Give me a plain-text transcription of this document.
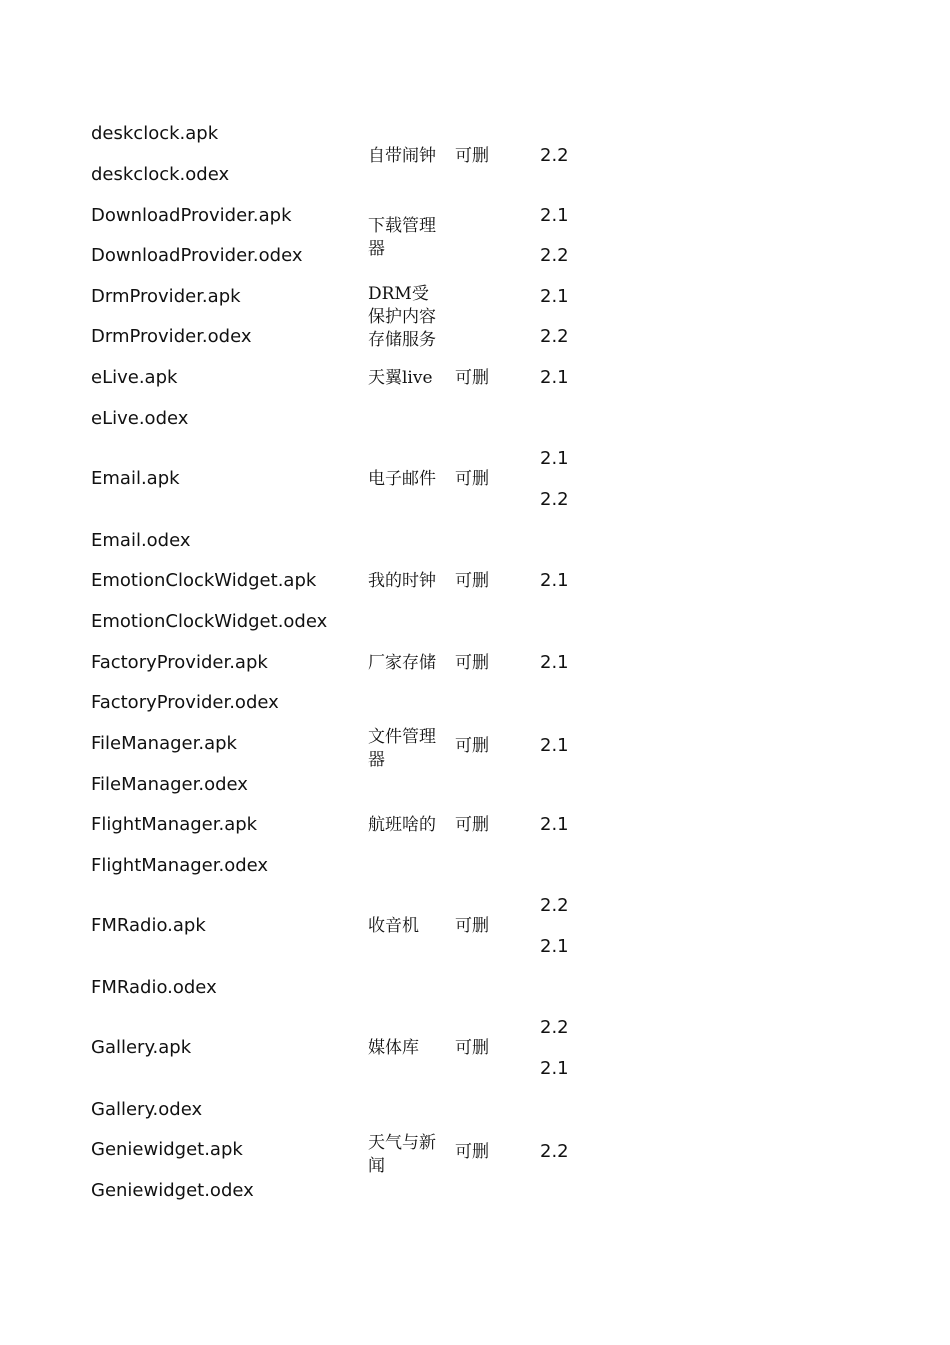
deskclock.apk
deskclock.odex
DownloadProvider.apk
DownloadProvider.odex
DrmProvider.apk
DrmProvider.odex
eLive.apk
eLive.odex
Email.apk
Email.odex
EmotionClockWidget.apk
EmotionClockWidget.odex
FactoryProvider.apk
FactoryProvider.odex
FileManager.apk
FileManager.odex
FlightManager.apk
FlightManager.odex
FMRadio.apk
FMRadio.odex
Gallery.apk
Gallery.odex
Geniewidget.apk
Geniewidget.odex
自带闹钟
下载管理器
DRM受保护内容存储服务
天翼live
电子邮件
我的时钟
厂家存储
文件管理器
航班啥的
收音机
媒体库
天气与新闻
可删
可删
可删
可删
可删
可删
可删
可删
可删
可删
2.2
2.1
2.2
2.1
2.2
2.1
2.1
2.2
2.1
2.1
2.1
2.1
2.2
2.1
2.2
2.1
2.2
